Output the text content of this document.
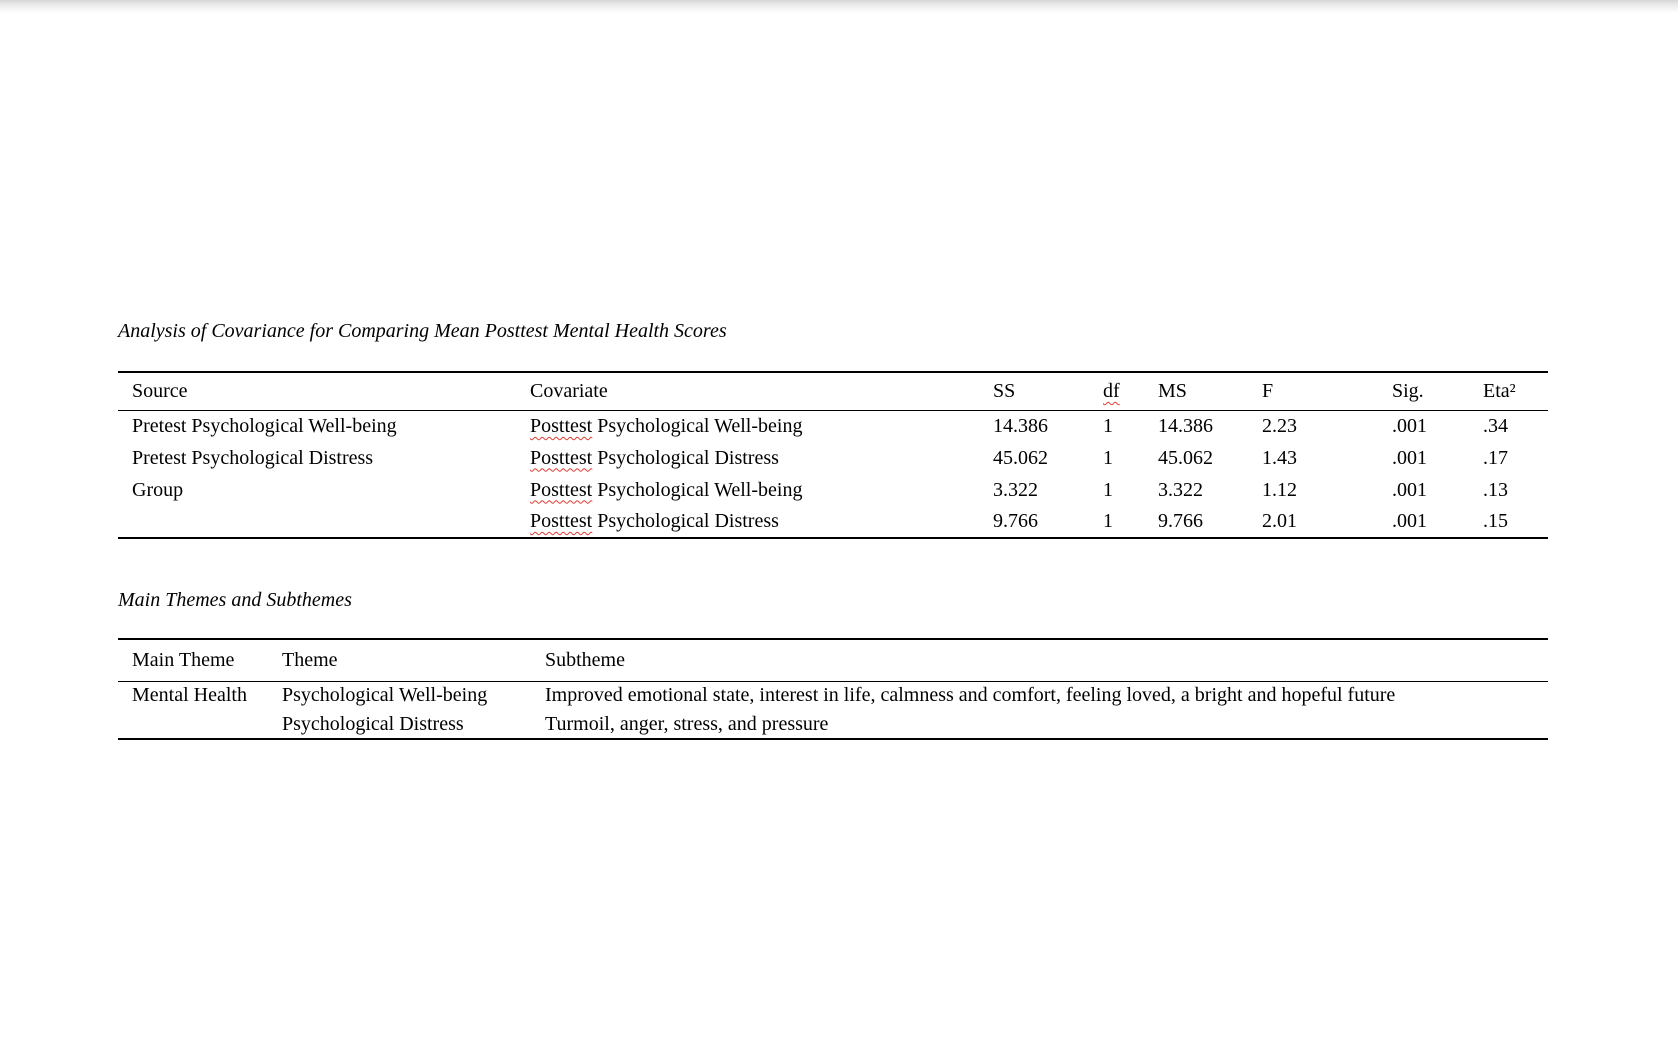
Analysis of Covariance for Comparing Mean Posttest Mental Health Scores
Source	Covariate	SS	df	MS	F	Sig.	Eta²
Pretest Psychological Well-being	Posttest Psychological Well-being	14.386	1	14.386	2.23	.001	.34
Pretest Psychological Distress	Posttest Psychological Distress	45.062	1	45.062	1.43	.001	.17
Group	Posttest Psychological Well-being	3.322	1	3.322	1.12	.001	.13
	Posttest Psychological Distress	9.766	1	9.766	2.01	.001	.15
Main Themes and Subthemes
Main Theme	Theme	Subtheme
Mental Health	Psychological Well-being	Improved emotional state, interest in life, calmness and comfort, feeling loved, a bright and hopeful future
	Psychological Distress	Turmoil, anger, stress, and pressure
